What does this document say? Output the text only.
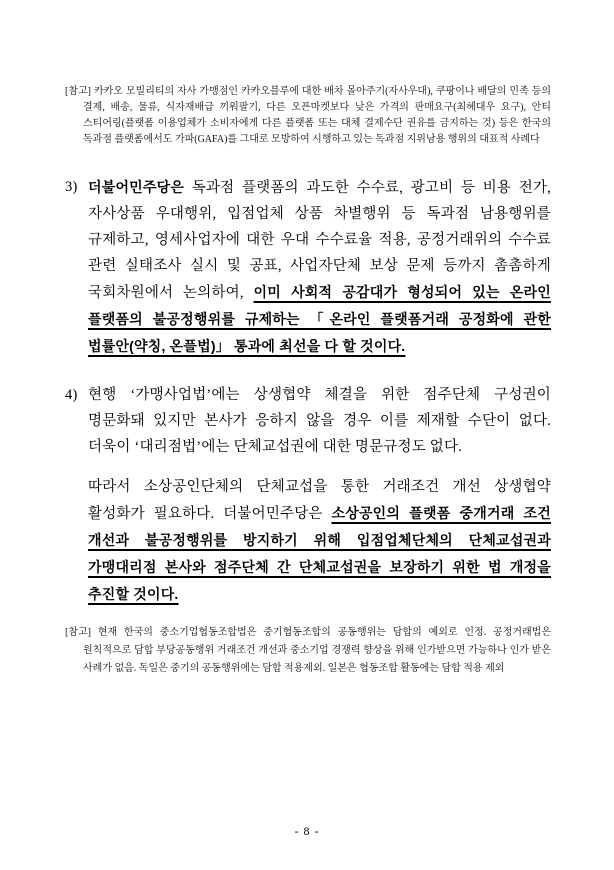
[참고] 카카오 모빌리티의 자사 가맹점인 카카오블루에 대한 배차 몰아주기(자사우대), 쿠팡이나 배달의 민족 등의 결제, 배송, 물류, 식자재배급 끼워팔기, 다른 오픈마켓보다 낮은 가격의 판매요구(최혜대우 요구), 안티 스티어링(플랫폼 이용업체가 소비자에게 다른 플랫폼 또는 대체 결제수단 권유를 금지하는 것) 등은 한국의 독과점 플랫폼에서도 가파(GAFA)를 그대로 모방하여 시행하고 있는 독과점 지위남용 행위의 대표적 사례다
3) 더불어민주당은 독과점 플랫폼의 과도한 수수료, 광고비 등 비용 전가, 자사상품 우대행위, 입점업체 상품 차별행위 등 독과점 남용행위를 규제하고, 영세사업자에 대한 우대 수수료율 적용, 공정거래위의 수수료 관련 실태조사 실시 및 공표, 사업자단체 보상 문제 등까지 촘촘하게 국회차원에서 논의하여, 이미 사회적 공감대가 형성되어 있는 온라인 플랫폼의 불공정행위를 규제하는 「온라인 플랫폼거래 공정화에 관한 법률안(약칭, 온플법)」 통과에 최선을 다 할 것이다.
4) 현행 ‘가맹사업법’에는 상생협약 체결을 위한 점주단체 구성권이 명문화돼 있지만 본사가 응하지 않을 경우 이를 제재할 수단이 없다. 더욱이 ‘대리점법’에는 단체교섭권에 대한 명문규정도 없다.
따라서 소상공인단체의 단체교섭을 통한 거래조건 개선 상생협약 활성화가 필요하다. 더불어민주당은 소상공인의 플랫폼 중개거래 조건 개선과 불공정행위를 방지하기 위해 입점업체단체의 단체교섭권과 가맹대리점 본사와 점주단체 간 단체교섭권을 보장하기 위한 법 개정을 추진할 것이다.
[참고] 현재 한국의 중소기업협동조합법은 중기협동조합의 공동행위는 담합의 예외로 인정. 공정거래법은 원칙적으로 담합 부당공동행위 거래조건 개선과 중소기업 경쟁력 향상을 위해 인가받으면 가능하나 인가 받은 사례가 없음. 독일은 중기의 공동행위에는 담합 적용제외. 일본은 협동조합 활동에는 담합 적용 제외
- 8 -
